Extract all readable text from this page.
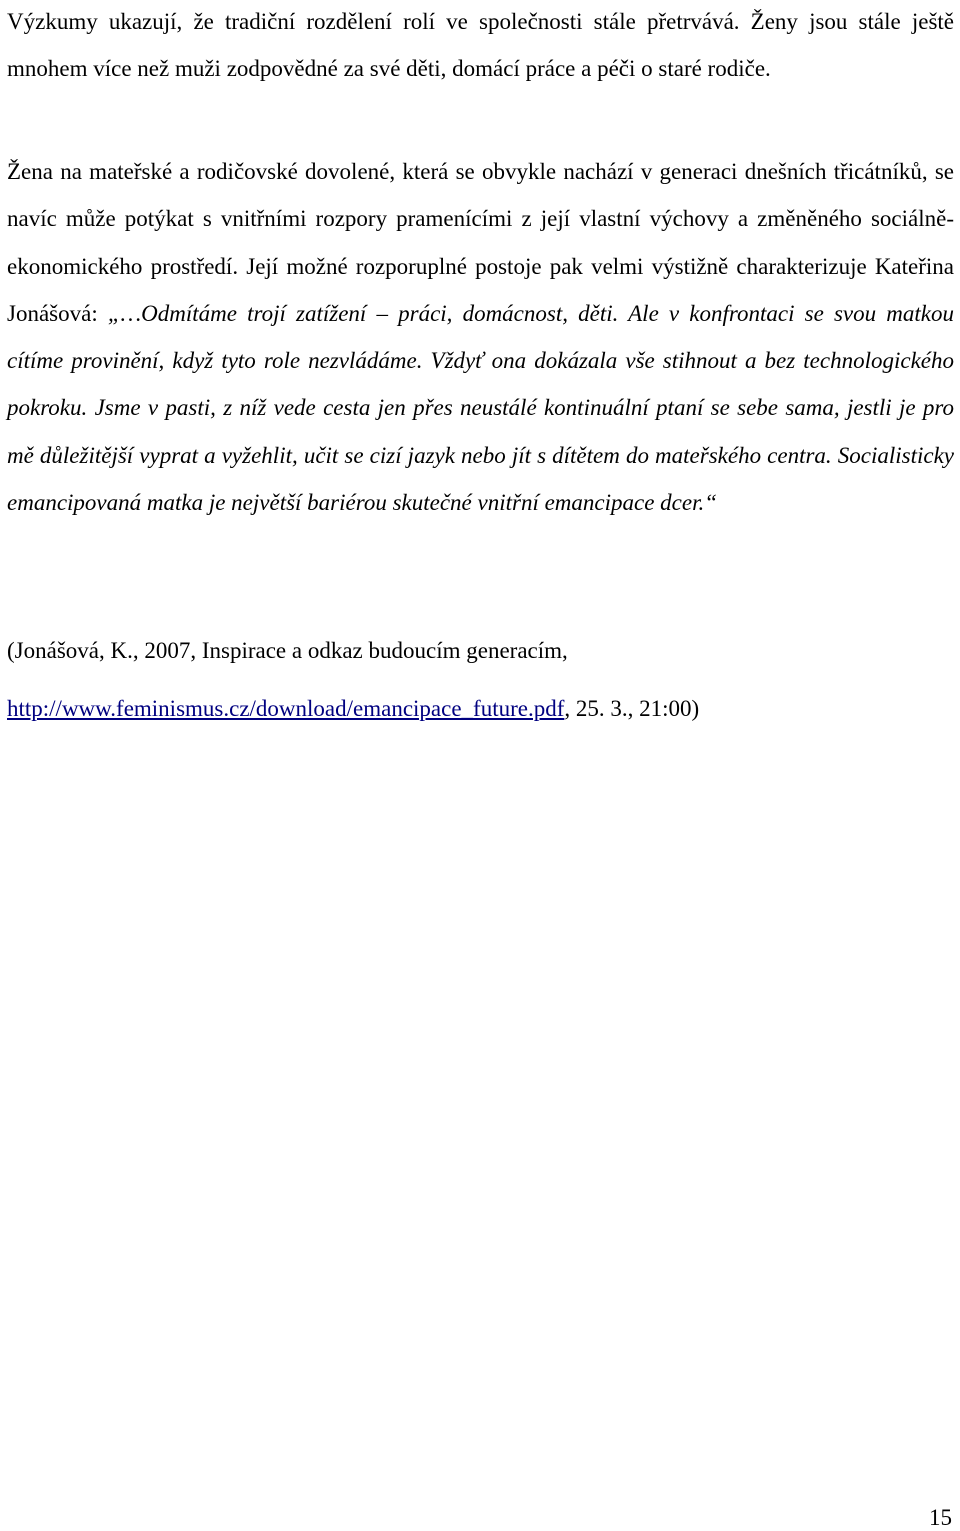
Výzkumy ukazují, že tradiční rozdělení rolí ve společnosti stále přetrvává. Ženy jsou stále ještě mnohem více než muži zodpovědné za své děti, domácí práce a péči o staré rodiče.

Žena na mateřské a rodičovské dovolené, která se obvykle nachází v generaci dnešních třicátníků, se navíc může potýkat s vnitřními rozpory pramenícími z její vlastní výchovy a změněného sociálně-ekonomického prostředí. Její možné rozporuplné postoje pak velmi výstižně charakterizuje Kateřina Jonášová: „…Odmítáme trojí zatížení – práci, domácnost, děti. Ale v konfrontaci se svou matkou cítíme provinění, když tyto role nezvládáme. Vždyť ona dokázala vše stihnout a bez technologického pokroku. Jsme v pasti, z níž vede cesta jen přes neustálé kontinuální ptaní se sebe sama, jestli je pro mě důležitější vyprat a vyžehlit, učit se cizí jazyk nebo jít s dítětem do mateřského centra. Socialisticky emancipovaná matka je největší bariérou skutečné vnitřní emancipace dcer.“

(Jonášová, K., 2007, Inspirace a odkaz budoucím generacím,

http://www.feminismus.cz/download/emancipace_future.pdf, 25. 3., 21:00)

15
